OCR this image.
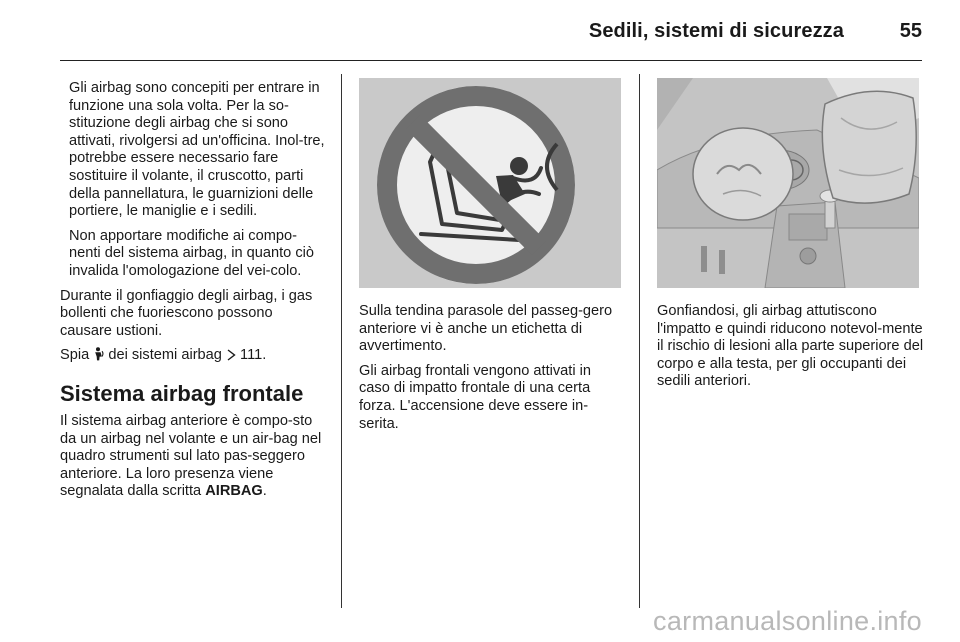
Sedili, sistemi di sicurezza	55

Gli airbag sono concepiti per entrare in funzione una sola volta. Per la so-stituzione degli airbag che si sono attivati, rivolgersi ad un'officina. Inol-tre, potrebbe essere necessario fare sostituire il volante, il cruscotto, parti della pannellatura, le guarnizioni delle portiere, le maniglie e i sedili.

Non apportare modifiche ai compo-nenti del sistema airbag, in quanto ciò invalida l'omologazione del vei-colo.

Durante il gonfiaggio degli airbag, i gas bollenti che fuoriescono possono causare ustioni.

Spia dei sistemi airbag 111.

Sistema airbag frontale

Il sistema airbag anteriore è compo-sto da un airbag nel volante e un air-bag nel quadro strumenti sul lato pas-seggero anteriore. La loro presenza viene segnalata dalla scritta AIRBAG.

Sulla tendina parasole del passeg-gero anteriore vi è anche un etichetta di avvertimento.

Gli airbag frontali vengono attivati in caso di impatto frontale di una certa forza. L'accensione deve essere in-serita.

Gonfiandosi, gli airbag attutiscono l'impatto e quindi riducono notevol-mente il rischio di lesioni alla parte superiore del corpo e alla testa, per gli occupanti dei sedili anteriori.

carmanualsonline.info
